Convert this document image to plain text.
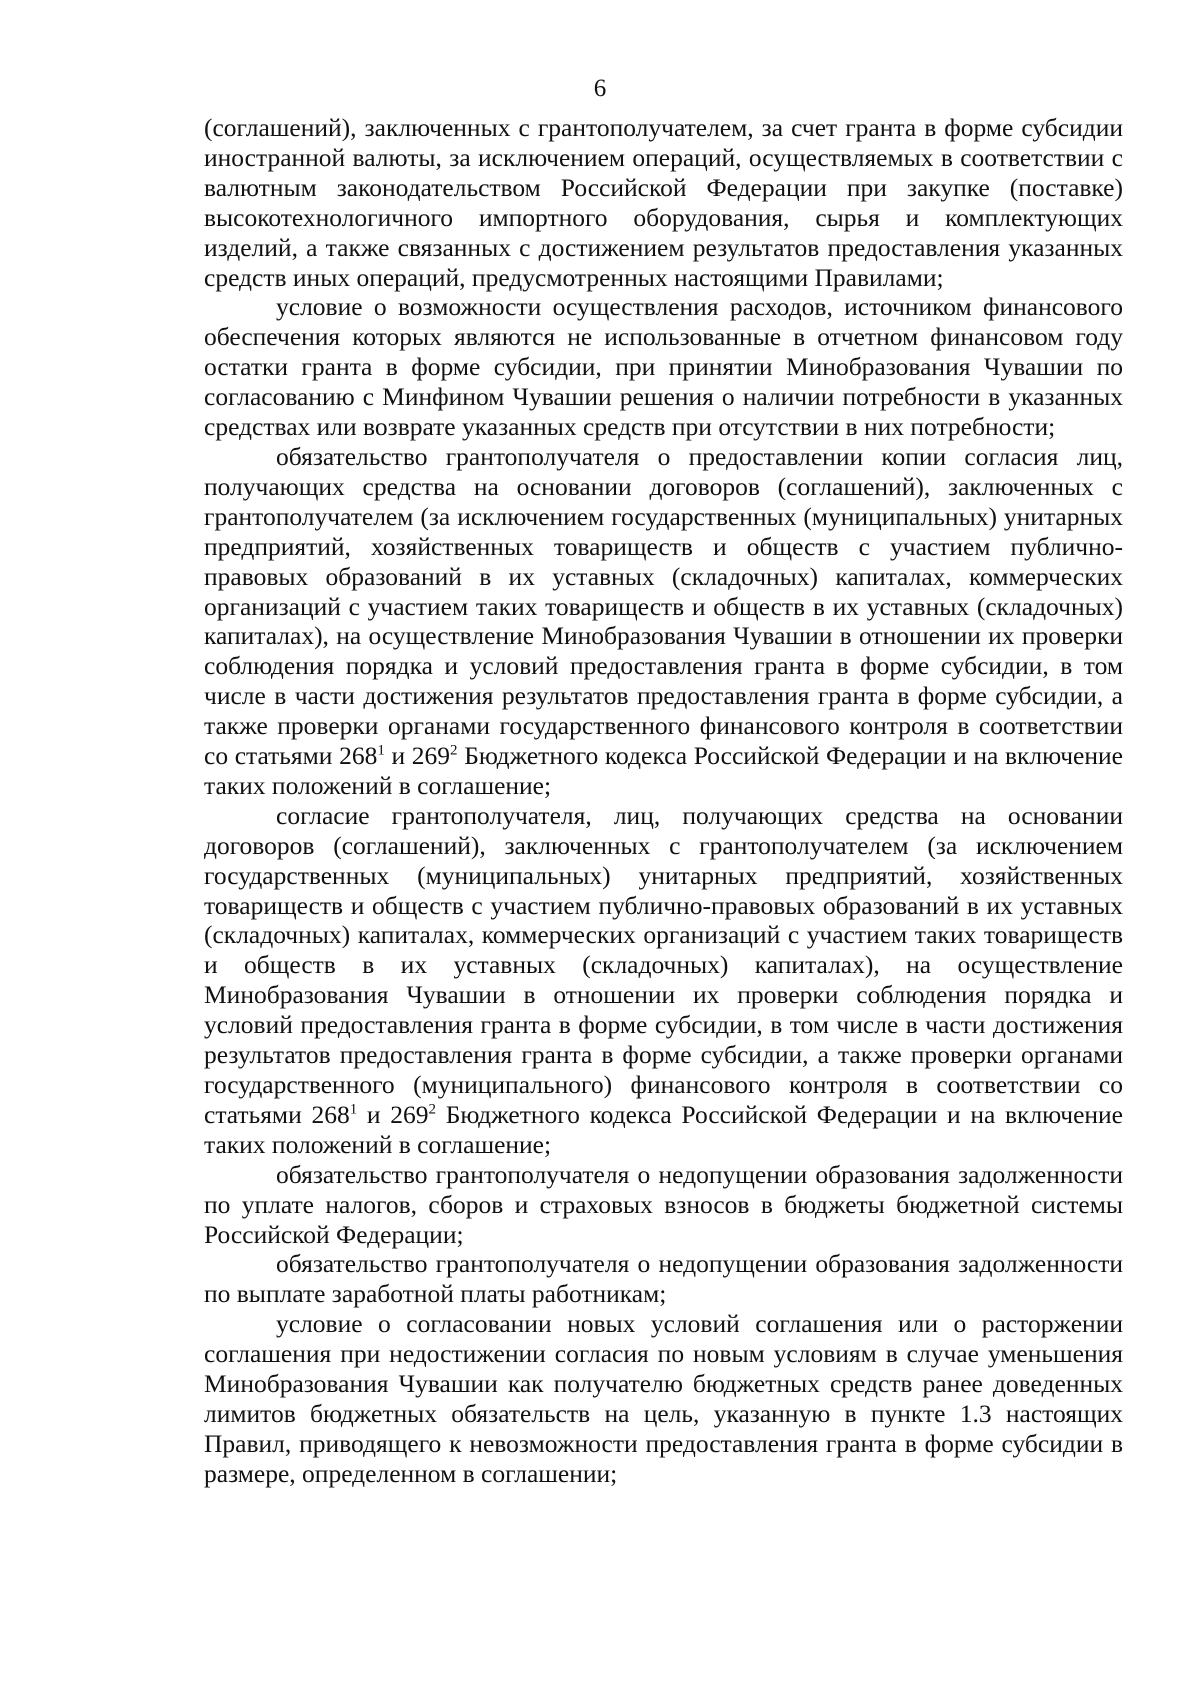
6

(соглашений), заключенных с грантополучателем, за счет гранта в форме субсидии иностранной валюты, за исключением операций, осуществляемых в соответствии с валютным законодательством Российской Федерации при закупке (поставке) высокотехнологичного импортного оборудования, сырья и комплектующих изделий, а также связанных с достижением результатов предоставления указанных средств иных операций, предусмотренных настоящими Правилами;

условие о возможности осуществления расходов, источником финансового обеспечения которых являются не использованные в отчетном финансовом году остатки гранта в форме субсидии, при принятии Минобразования Чувашии по согласованию с Минфином Чувашии решения о наличии потребности в указанных средствах или возврате указанных средств при отсутствии в них потребности;

обязательство грантополучателя о предоставлении копии согласия лиц, получающих средства на основании договоров (соглашений), заключенных с грантополучателем (за исключением государственных (муниципальных) унитарных предприятий, хозяйственных товариществ и обществ с участием публично-правовых образований в их уставных (складочных) капиталах, коммерческих организаций с участием таких товариществ и обществ в их уставных (складочных) капиталах), на осуществление Минобразования Чувашии в отношении их проверки соблюдения порядка и условий предоставления гранта в форме субсидии, в том числе в части достижения результатов предоставления гранта в форме субсидии, а также проверки органами государственного финансового контроля в соответствии со статьями $268^1$ и $269^2$ Бюджетного кодекса Российской Федерации и на включение таких положений в соглашение;

согласие грантополучателя, лиц, получающих средства на основании договоров (соглашений), заключенных с грантополучателем (за исключением государственных (муниципальных) унитарных предприятий, хозяйственных товариществ и обществ с участием публично-правовых образований в их уставных (складочных) капиталах, коммерческих организаций с участием таких товариществ и обществ в их уставных (складочных) капиталах), на осуществление Минобразования Чувашии в отношении их проверки соблюдения порядка и условий предоставления гранта в форме субсидии, в том числе в части достижения результатов предоставления гранта в форме субсидии, а также проверки органами государственного (муниципального) финансового контроля в соответствии со статьями $268^1$ и $269^2$ Бюджетного кодекса Российской Федерации и на включение таких положений в соглашение;

обязательство грантополучателя о недопущении образования задолженности по уплате налогов, сборов и страховых взносов в бюджеты бюджетной системы Российской Федерации;

обязательство грантополучателя о недопущении образования задолженности по выплате заработной платы работникам;

условие о согласовании новых условий соглашения или о расторжении соглашения при недостижении согласия по новым условиям в случае уменьшения Минобразования Чувашии как получателю бюджетных средств ранее доведенных лимитов бюджетных обязательств на цель, указанную в пункте 1.3 настоящих Правил, приводящего к невозможности предоставления гранта в форме субсидии в размере, определенном в соглашении;
